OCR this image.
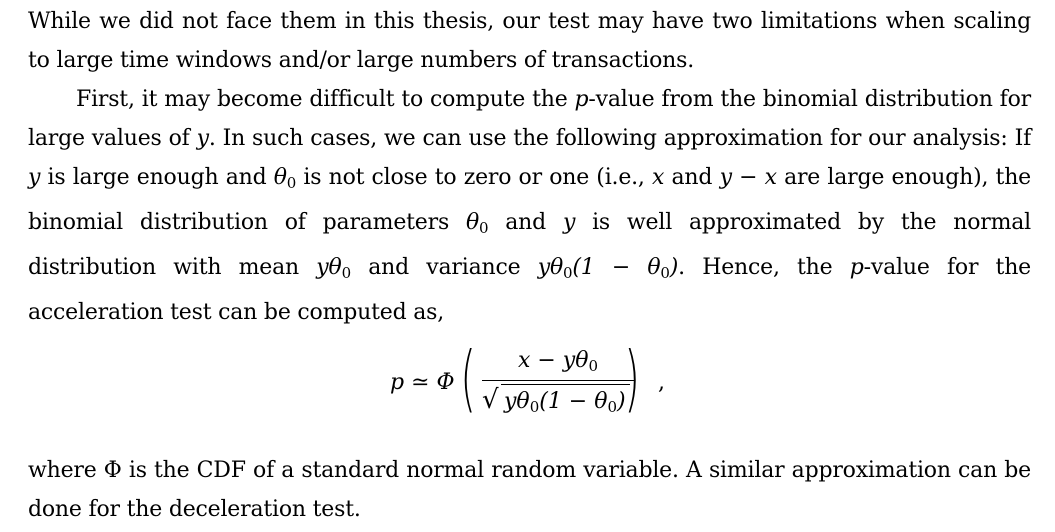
While we did not face them in this thesis, our test may have two limitations when scaling to large time windows and/or large numbers of transactions.

First, it may become difficult to compute the p-value from the binomial distribution for large values of y. In such cases, we can use the following approximation for our analysis: If y is large enough and $\theta_0$ is not close to zero or one (i.e., x and y − x are large enough), the binomial distribution of parameters $\theta_0$ and y is well approximated by the normal distribution with mean $y\theta_0$ and variance $y\theta_0(1 - \theta_0)$. Hence, the p-value for the acceleration test can be computed as,

p ≃ Φ (	$x - y\theta_0$
√ $y\theta_0(1 - \theta_0)$
) ,

where Φ is the CDF of a standard normal random variable. A similar approximation can be done for the deceleration test.
